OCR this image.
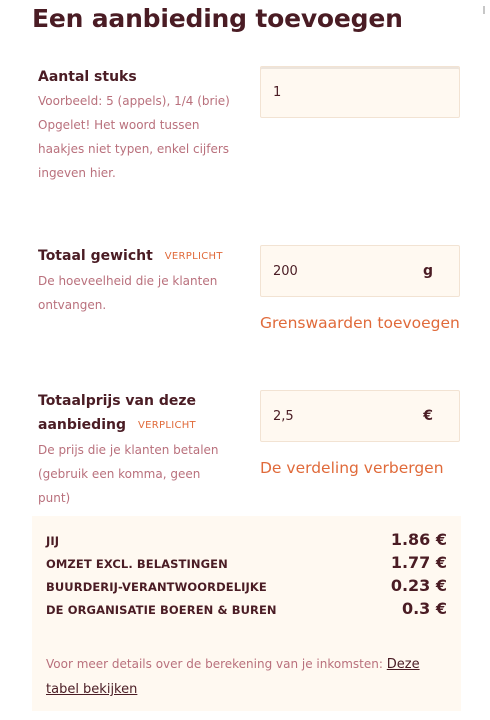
Een aanbieding toevoegen
Aantal stuks
Voorbeeld: 5 (appels), 1/4 (brie)
Opgelet! Het woord tussen
haakjes niet typen, enkel cijfers
ingeven hier.
1
Totaal gewicht VERPLICHT
De hoeveelheid die je klanten
ontvangen.
200
g
Grenswaarden toevoegen
Totaalprijs van deze
aanbieding VERPLICHT
De prijs die je klanten betalen
(gebruik een komma, geen
punt)
2,5
€
De verdeling verbergen
JIJ	1.86 €
OMZET EXCL. BELASTINGEN	1.77 €
BUURDERIJ-VERANTWOORDELIJKE	0.23 €
DE ORGANISATIE BOEREN & BUREN	0.3 €
Voor meer details over de berekening van je inkomsten: Deze tabel bekijken
